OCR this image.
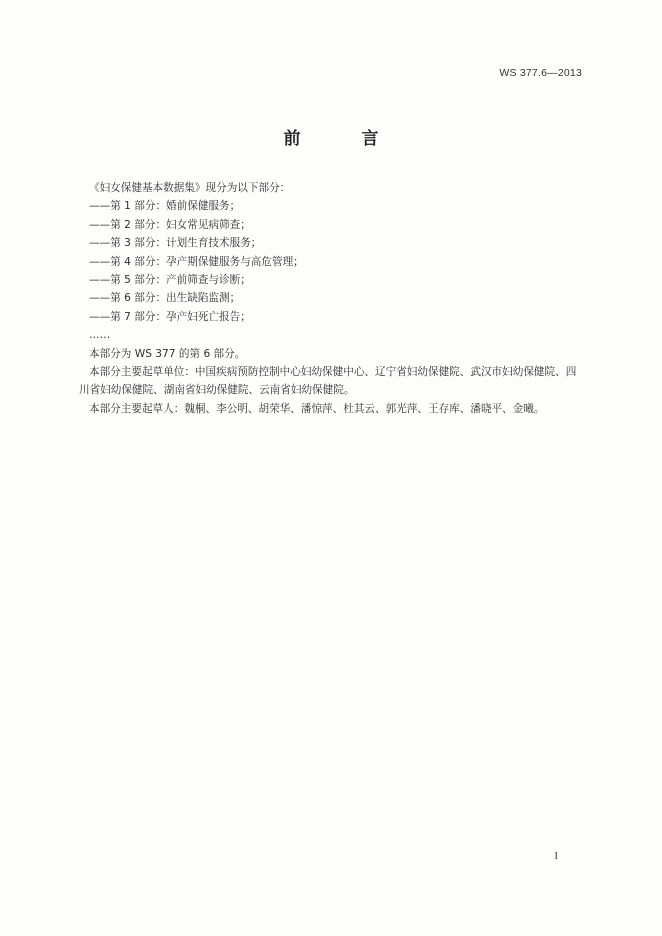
WS 377.6—2013
前　言
《妇女保健基本数据集》现分为以下部分：
——第 1 部分：婚前保健服务；
——第 2 部分：妇女常见病筛查；
——第 3 部分：计划生育技术服务；
——第 4 部分：孕产期保健服务与高危管理；
——第 5 部分：产前筛查与诊断；
——第 6 部分：出生缺陷监测；
——第 7 部分：孕产妇死亡报告；
……
本部分为 WS 377 的第 6 部分。
本部分主要起草单位：中国疾病预防控制中心妇幼保健中心、辽宁省妇幼保健院、武汉市妇幼保健院、四川省妇幼保健院、湖南省妇幼保健院、云南省妇幼保健院。
本部分主要起草人：魏桐、李公明、胡荣华、潘惊萍、杜其云、郭光萍、王存库、潘晓平、金曦。
I
